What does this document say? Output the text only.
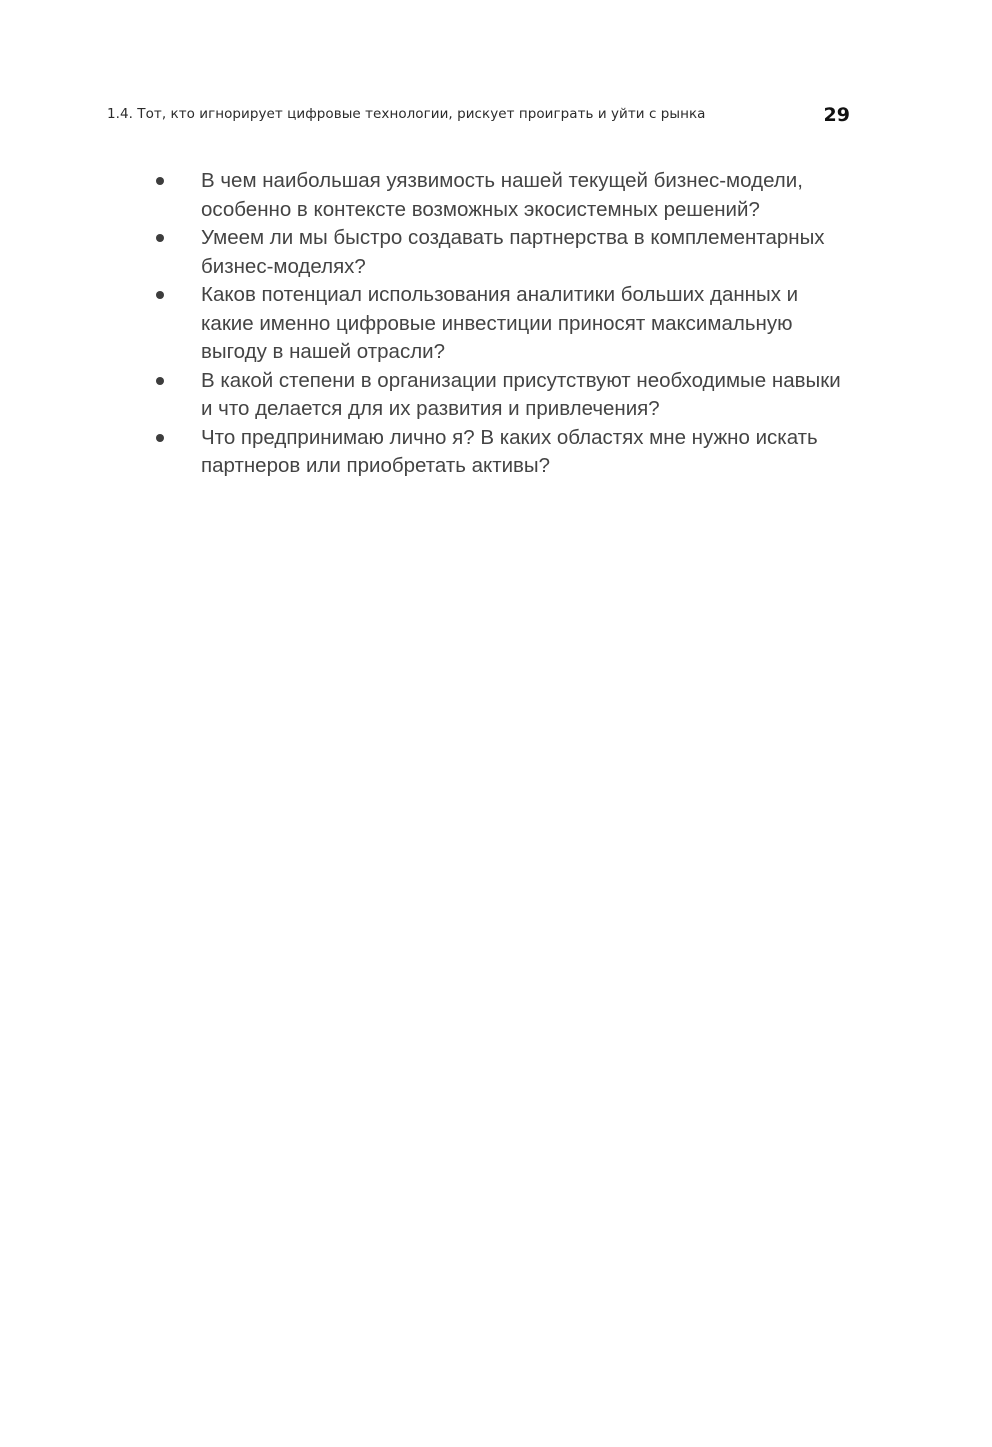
1.4. Тот, кто игнорирует цифровые технологии, рискует проиграть и уйти с рынка	29
В чем наибольшая уязвимость нашей текущей бизнес-модели, особенно в контексте возможных экосистемных решений?
Умеем ли мы быстро создавать партнерства в комплементарных бизнес-моделях?
Каков потенциал использования аналитики больших данных и какие именно цифровые инвестиции приносят максимальную выгоду в нашей отрасли?
В какой степени в организации присутствуют необходимые навыки и что делается для их развития и привлечения?
Что предпринимаю лично я? В каких областях мне нужно искать партнеров или приобретать активы?
